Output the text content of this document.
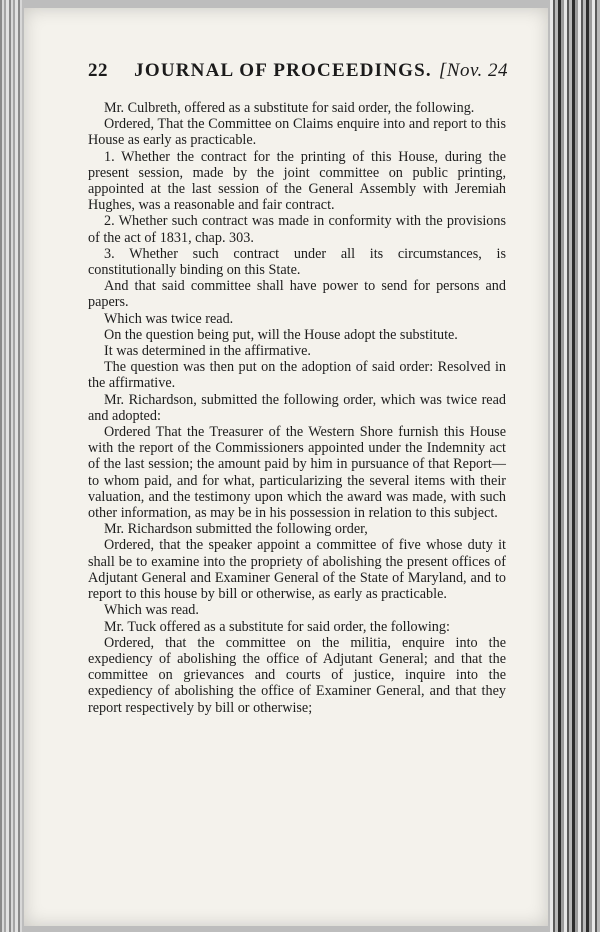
22	JOURNAL OF PROCEEDINGS. [Nov. 24

Mr. Culbreth, offered as a substitute for said order, the following.

Ordered, That the Committee on Claims enquire into and report to this House as early as practicable.

1. Whether the contract for the printing of this House, during the present session, made by the joint committee on public printing, appointed at the last session of the General Assembly with Jeremiah Hughes, was a reasonable and fair contract.

2. Whether such contract was made in conformity with the provisions of the act of 1831, chap. 303.

3. Whether such contract under all its circumstances, is constitutionally binding on this State.

And that said committee shall have power to send for persons and papers.

Which was twice read.

On the question being put, will the House adopt the substitute.

It was determined in the affirmative.

The question was then put on the adoption of said order: Resolved in the affirmative.

Mr. Richardson, submitted the following order, which was twice read and adopted:

Ordered That the Treasurer of the Western Shore furnish this House with the report of the Commissioners appointed under the Indemnity act of the last session; the amount paid by him in pursuance of that Report—to whom paid, and for what, particularizing the several items with their valuation, and the testimony upon which the award was made, with such other information, as may be in his possession in relation to this subject.

Mr. Richardson submitted the following order,

Ordered, that the speaker appoint a committee of five whose duty it shall be to examine into the propriety of abolishing the present offices of Adjutant General and Examiner General of the State of Maryland, and to report to this house by bill or otherwise, as early as practicable.

Which was read.

Mr. Tuck offered as a substitute for said order, the following:

Ordered, that the committee on the militia, enquire into the expediency of abolishing the office of Adjutant General; and that the committee on grievances and courts of justice, inquire into the expediency of abolishing the office of Examiner General, and that they report respectively by bill or otherwise;
